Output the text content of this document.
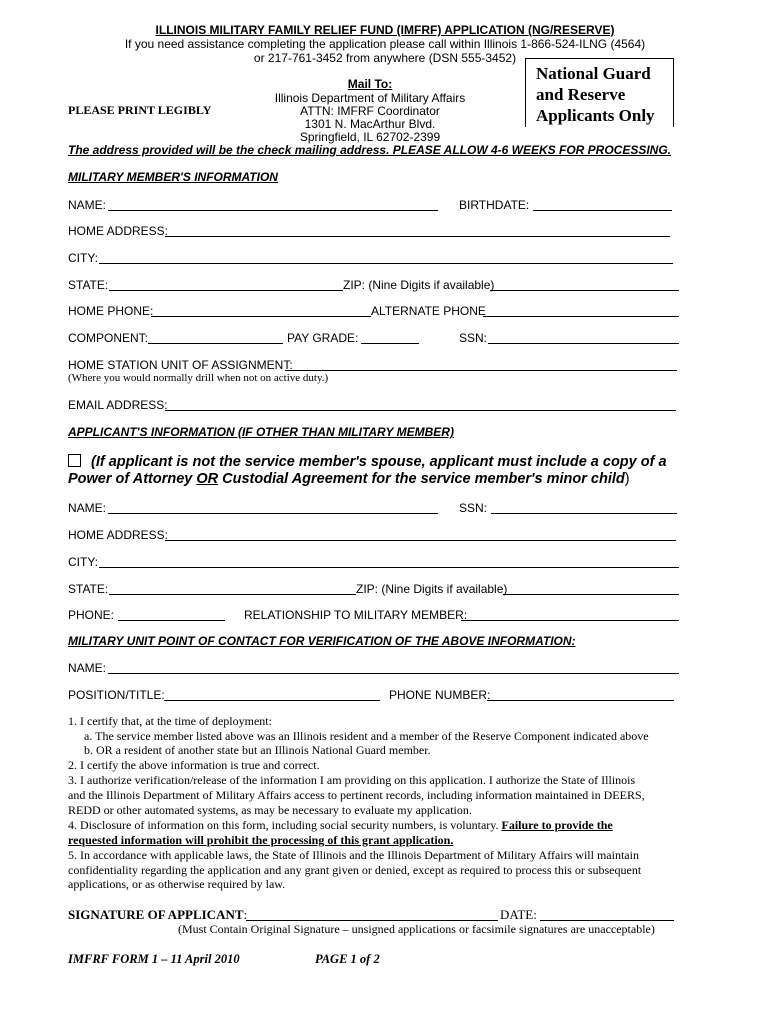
ILLINOIS MILITARY FAMILY RELIEF FUND (IMFRF) APPLICATION (NG/RESERVE)
If you need assistance completing the application please call within Illinois 1-866-524-ILNG (4564)
or 217-761-3452 from anywhere (DSN 555-3452)
Mail To:
Illinois Department of Military Affairs
ATTN: IMFRF Coordinator
1301 N. MacArthur Blvd.
Springfield, IL 62702-2399
PLEASE PRINT LEGIBLY
National Guard
and Reserve
Applicants Only
The address provided will be the check mailing address. PLEASE ALLOW 4-6 WEEKS FOR PROCESSING.
MILITARY MEMBER'S INFORMATION
NAME:	BIRTHDATE:
HOME ADDRESS:
CITY:
STATE:	ZIP: (Nine Digits if available)
HOME PHONE:	ALTERNATE PHONE
COMPONENT:	PAY GRADE:	SSN:
HOME STATION UNIT OF ASSIGNMENT:
(Where you would normally drill when not on active duty.)
EMAIL ADDRESS:
APPLICANT'S INFORMATION (IF OTHER THAN MILITARY MEMBER)
(If applicant is not the service member's spouse, applicant must include a copy of a
Power of Attorney OR Custodial Agreement for the service member's minor child)
NAME:	SSN:
HOME ADDRESS:
CITY:
STATE:	ZIP: (Nine Digits if available)
PHONE:	RELATIONSHIP TO MILITARY MEMBER:
MILITARY UNIT POINT OF CONTACT FOR VERIFICATION OF THE ABOVE INFORMATION:
NAME:
POSITION/TITLE:	PHONE NUMBER:
1. I certify that, at the time of deployment:
a. The service member listed above was an Illinois resident and a member of the Reserve Component indicated above
b. OR a resident of another state but an Illinois National Guard member.
2. I certify the above information is true and correct.
3. I authorize verification/release of the information I am providing on this application. I authorize the State of Illinois
and the Illinois Department of Military Affairs access to pertinent records, including information maintained in DEERS,
REDD or other automated systems, as may be necessary to evaluate my application.
4. Disclosure of information on this form, including social security numbers, is voluntary. Failure to provide the
requested information will prohibit the processing of this grant application.
5. In accordance with applicable laws, the State of Illinois and the Illinois Department of Military Affairs will maintain
confidentiality regarding the application and any grant given or denied, except as required to process this or subsequent
applications, or as otherwise required by law.
SIGNATURE OF APPLICANT:	DATE:
(Must Contain Original Signature – unsigned applications or facsimile signatures are unacceptable)
IMFRF FORM 1 – 11 April 2010	PAGE 1 of 2
